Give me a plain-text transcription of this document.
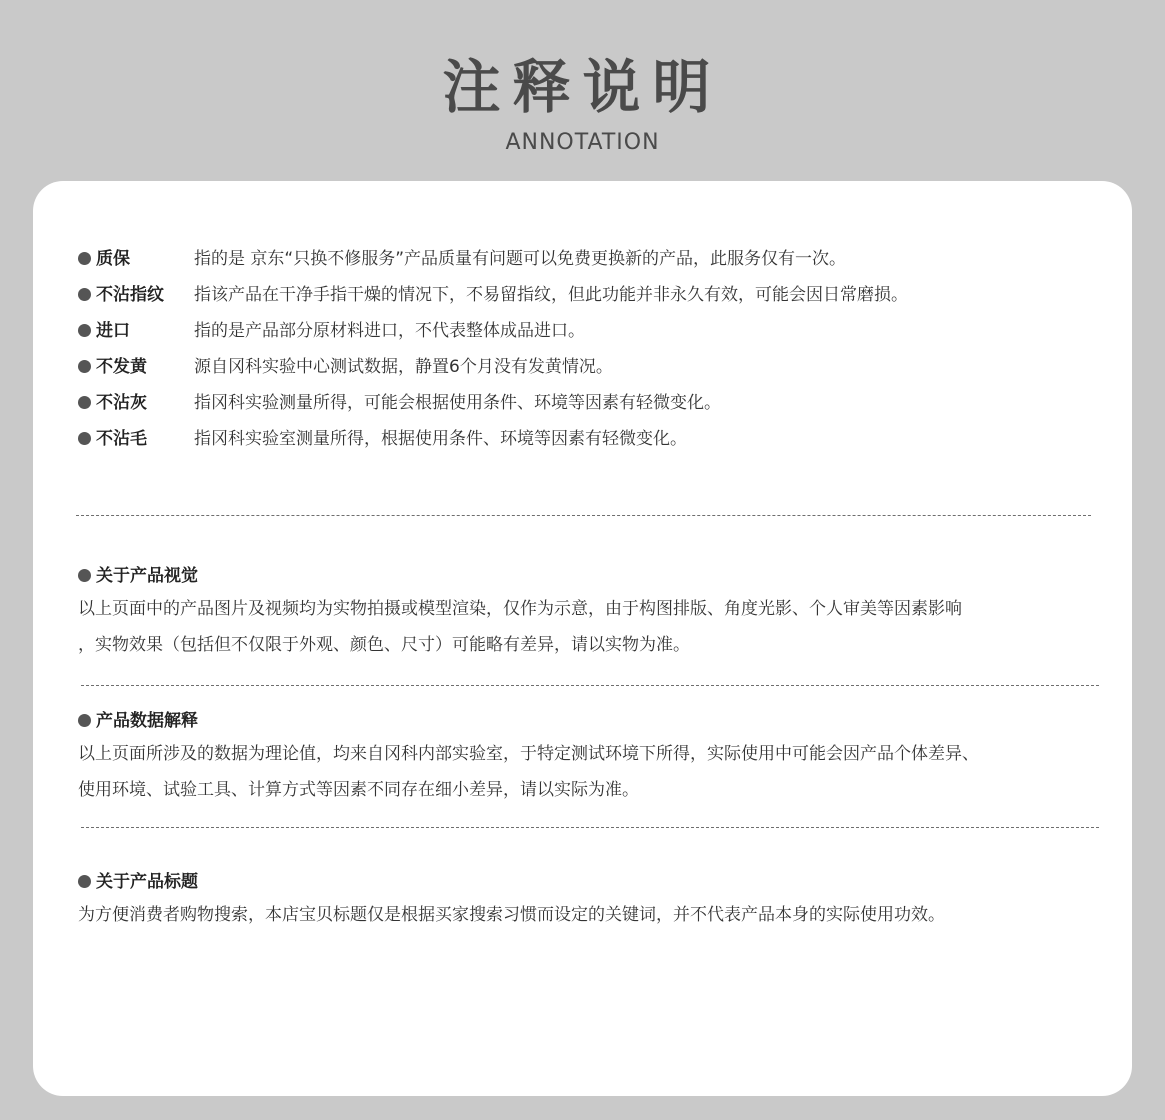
注释说明
ANNOTATION
质保	指的是 京东“只换不修服务”产品质量有问题可以免费更换新的产品，此服务仅有一次。
不沾指纹 指该产品在干净手指干燥的情况下，不易留指纹，但此功能并非永久有效，可能会因日常磨损。
进口	指的是产品部分原材料进口，不代表整体成品进口。
不发黄	源自冈科实验中心测试数据，静置6个月没有发黄情况。
不沾灰	指冈科实验测量所得，可能会根据使用条件、环境等因素有轻微变化。
不沾毛	指冈科实验室测量所得，根据使用条件、环境等因素有轻微变化。
关于产品视觉
以上页面中的产品图片及视频均为实物拍摄或模型渲染，仅作为示意，由于构图排版、角度光影、个人审美等因素影响
，实物效果（包括但不仅限于外观、颜色、尺寸）可能略有差异，请以实物为准。
产品数据解释
以上页面所涉及的数据为理论值，均来自冈科内部实验室，于特定测试环境下所得，实际使用中可能会因产品个体差异、
使用环境、试验工具、计算方式等因素不同存在细小差异，请以实际为准。
关于产品标题
为方便消费者购物搜索，本店宝贝标题仅是根据买家搜索习惯而设定的关键词，并不代表产品本身的实际使用功效。
